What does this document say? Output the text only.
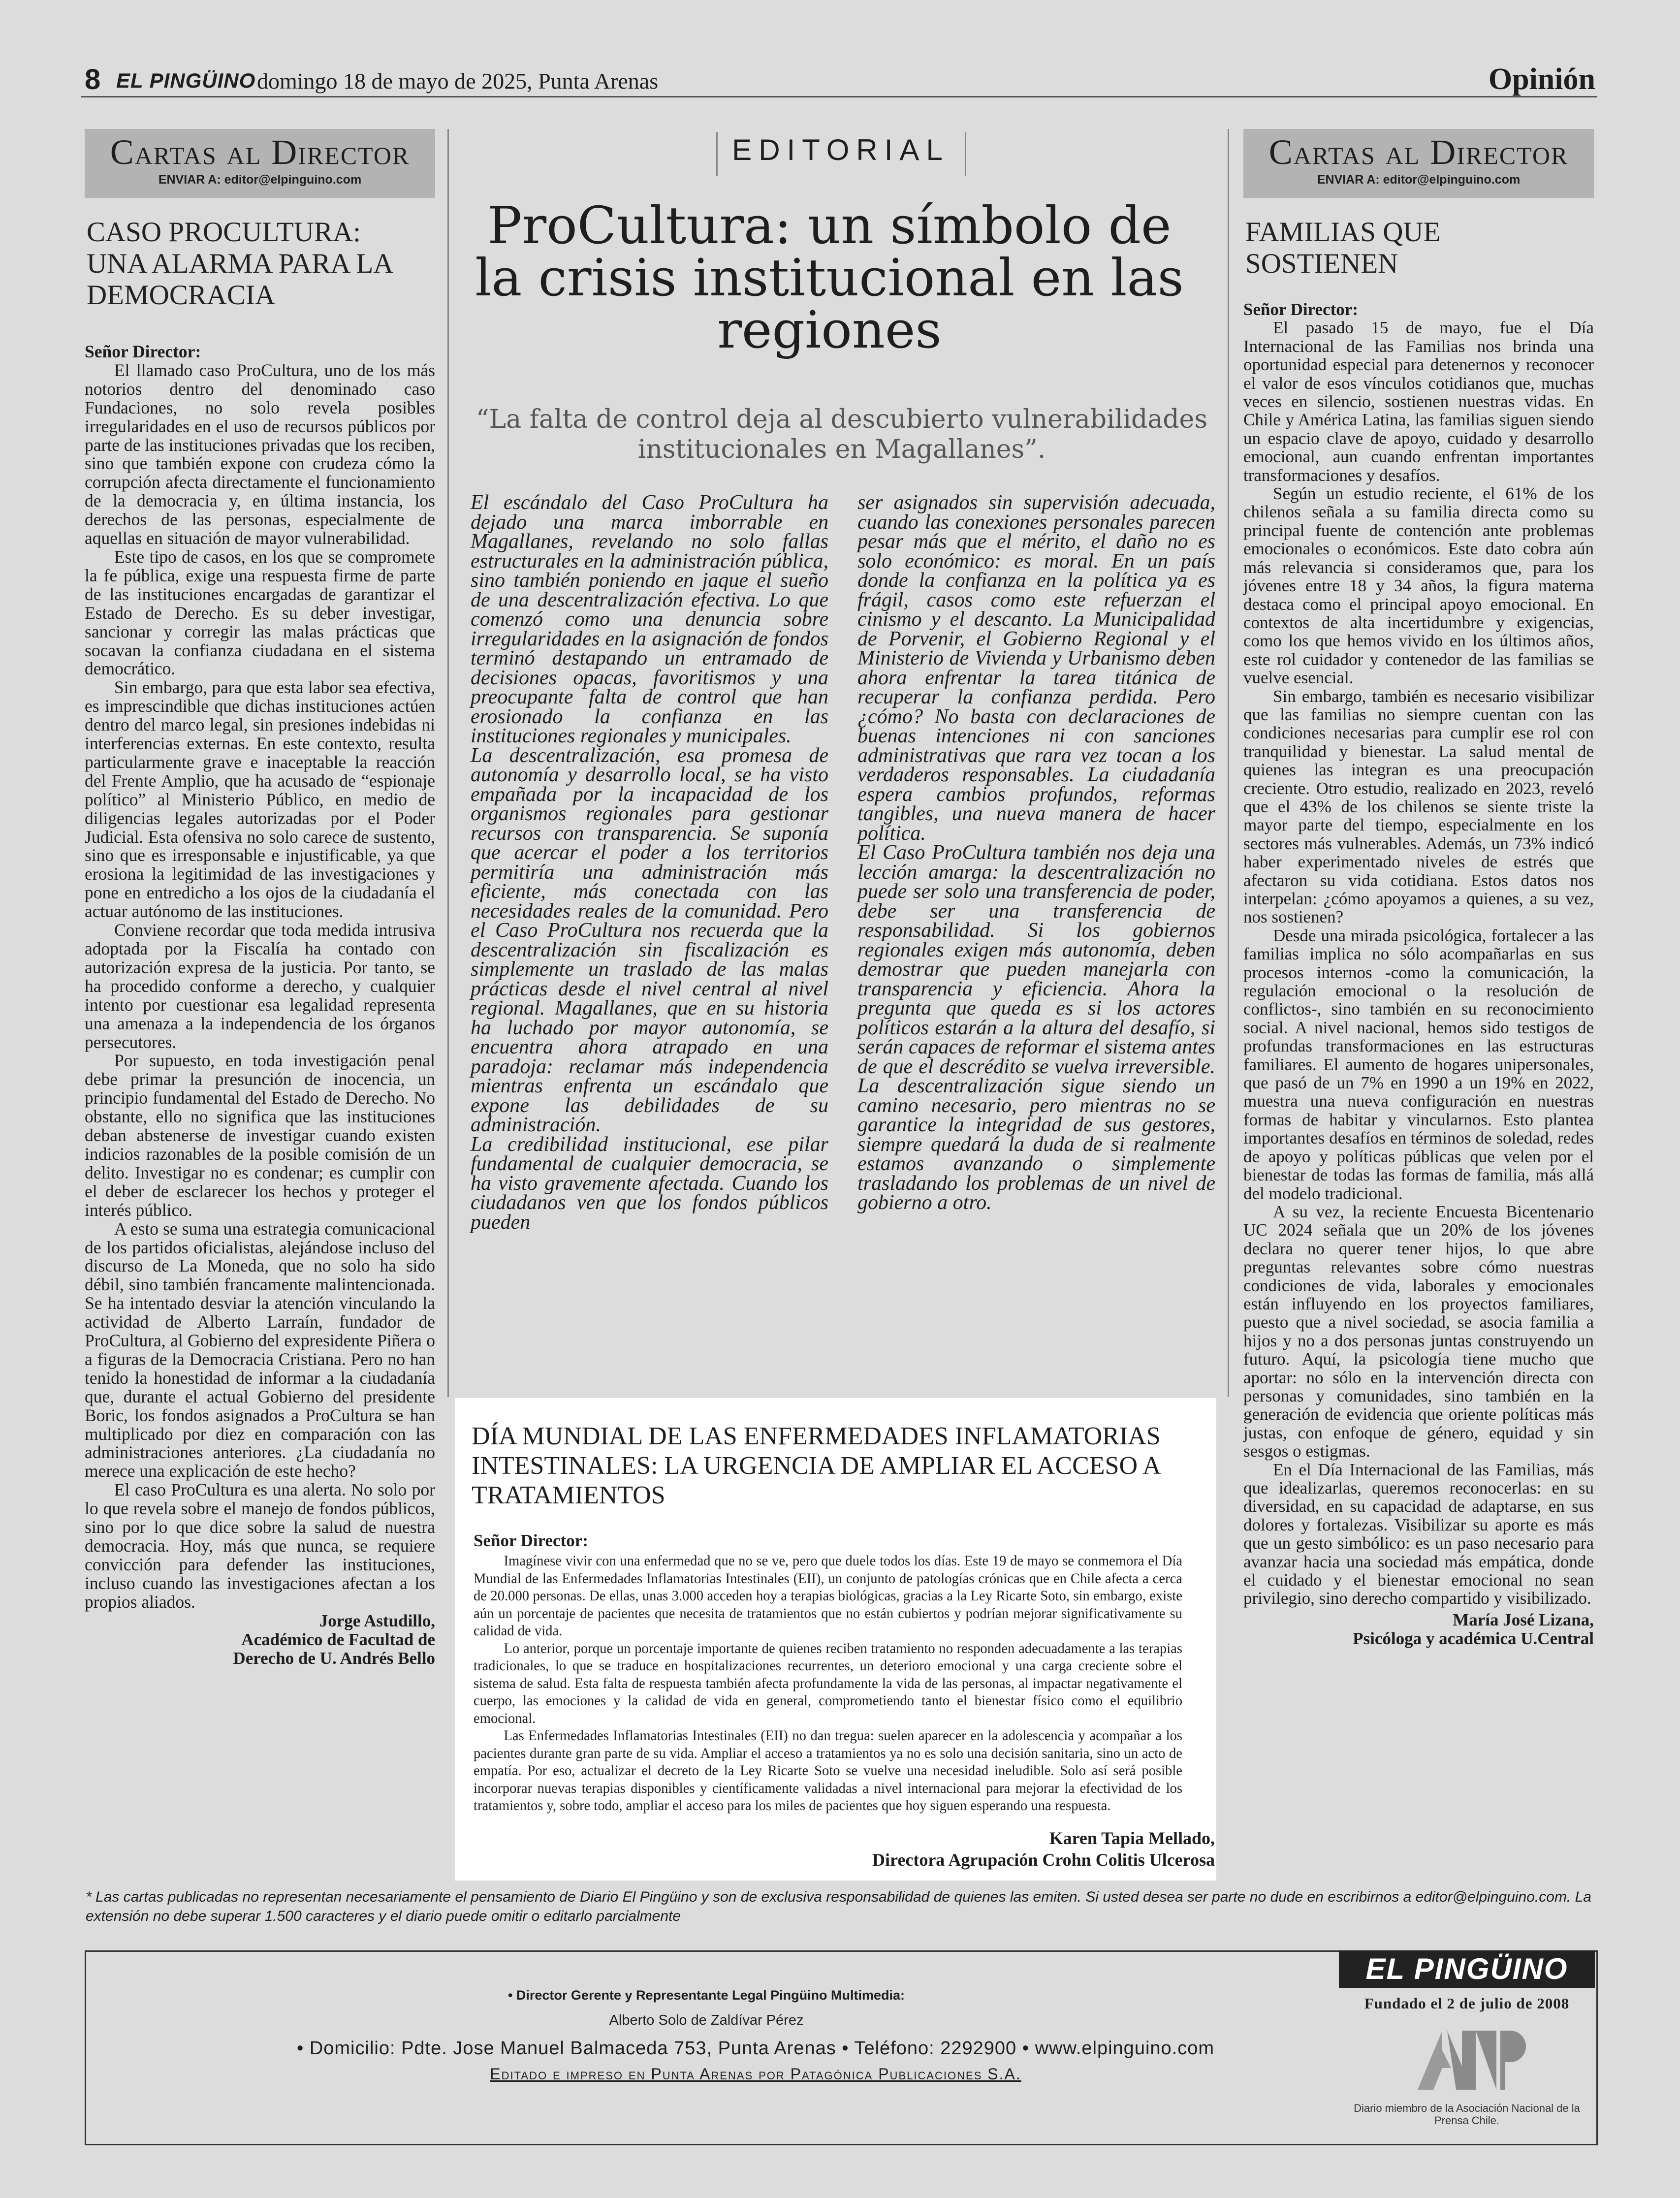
8 EL PINGÜINO domingo 18 de mayo de 2025, Punta Arenas	Opinión
Cartas al Director
ENVIAR A: editor@elpinguino.com
Cartas al Director
ENVIAR A: editor@elpinguino.com
CASO PROCULTURA: UNA ALARMA PARA LA DEMOCRACIA

Señor Director:

El llamado caso ProCultura, uno de los más notorios dentro del denominado caso Fundaciones, no solo revela posibles irregularidades en el uso de recursos públicos por parte de las instituciones privadas que los reciben, sino que también expone con crudeza cómo la corrupción afecta directamente el funcionamiento de la democracia y, en última instancia, los derechos de las personas, especialmente de aquellas en situación de mayor vulnerabilidad.

Este tipo de casos, en los que se compromete la fe pública, exige una respuesta firme de parte de las instituciones encargadas de garantizar el Estado de Derecho. Es su deber investigar, sancionar y corregir las malas prácticas que socavan la confianza ciudadana en el sistema democrático.

Sin embargo, para que esta labor sea efectiva, es imprescindible que dichas instituciones actúen dentro del marco legal, sin presiones indebidas ni interferencias externas. En este contexto, resulta particularmente grave e inaceptable la reacción del Frente Amplio, que ha acusado de “espionaje político” al Ministerio Público, en medio de diligencias legales autorizadas por el Poder Judicial. Esta ofensiva no solo carece de sustento, sino que es irresponsable e injustificable, ya que erosiona la legitimidad de las investigaciones y pone en entredicho a los ojos de la ciudadanía el actuar autónomo de las instituciones.

Conviene recordar que toda medida intrusiva adoptada por la Fiscalía ha contado con autorización expresa de la justicia. Por tanto, se ha procedido conforme a derecho, y cualquier intento por cuestionar esa legalidad representa una amenaza a la independencia de los órganos persecutores.

Por supuesto, en toda investigación penal debe primar la presunción de inocencia, un principio fundamental del Estado de Derecho. No obstante, ello no significa que las instituciones deban abstenerse de investigar cuando existen indicios razonables de la posible comisión de un delito. Investigar no es condenar; es cumplir con el deber de esclarecer los hechos y proteger el interés público.

A esto se suma una estrategia comunicacional de los partidos oficialistas, alejándose incluso del discurso de La Moneda, que no solo ha sido débil, sino también francamente malintencionada. Se ha intentado desviar la atención vinculando la actividad de Alberto Larraín, fundador de ProCultura, al Gobierno del expresidente Piñera o a figuras de la Democracia Cristiana. Pero no han tenido la honestidad de informar a la ciudadanía que, durante el actual Gobierno del presidente Boric, los fondos asignados a ProCultura se han multiplicado por diez en comparación con las administraciones anteriores. ¿La ciudadanía no merece una explicación de este hecho?

El caso ProCultura es una alerta. No solo por lo que revela sobre el manejo de fondos públicos, sino por lo que dice sobre la salud de nuestra democracia. Hoy, más que nunca, se requiere convicción para defender las instituciones, incluso cuando las investigaciones afectan a los propios aliados.

Jorge Astudillo,
Académico de Facultad de
Derecho de U. Andrés Bello
EDITORIAL
ProCultura: un símbolo de la crisis institucional en las regiones
“La falta de control deja al descubierto vulnerabilidades institucionales en Magallanes”.

El escándalo del Caso ProCultura ha dejado una marca imborrable en Magallanes, revelando no solo fallas estructurales en la administración pública, sino también poniendo en jaque el sueño de una descentralización efectiva. Lo que comenzó como una denuncia sobre irregularidades en la asignación de fondos terminó destapando un entramado de decisiones opacas, favoritismos y una preocupante falta de control que han erosionado la confianza en las instituciones regionales y municipales.

La descentralización, esa promesa de autonomía y desarrollo local, se ha visto empañada por la incapacidad de los organismos regionales para gestionar recursos con transparencia. Se suponía que acercar el poder a los territorios permitiría una administración más eficiente, más conectada con las necesidades reales de la comunidad. Pero el Caso ProCultura nos recuerda que la descentralización sin fiscalización es simplemente un traslado de las malas prácticas desde el nivel central al nivel regional. Magallanes, que en su historia ha luchado por mayor autonomía, se encuentra ahora atrapado en una paradoja: reclamar más independencia mientras enfrenta un escándalo que expone las debilidades de su administración.

La credibilidad institucional, ese pilar fundamental de cualquier democracia, se ha visto gravemente afectada. Cuando los ciudadanos ven que los fondos públicos pueden

ser asignados sin supervisión adecuada, cuando las conexiones personales parecen pesar más que el mérito, el daño no es solo económico: es moral. En un país donde la confianza en la política ya es frágil, casos como este refuerzan el cinismo y el descanto. La Municipalidad de Porvenir, el Gobierno Regional y el Ministerio de Vivienda y Urbanismo deben ahora enfrentar la tarea titánica de recuperar la confianza perdida. Pero ¿cómo? No basta con declaraciones de buenas intenciones ni con sanciones administrativas que rara vez tocan a los verdaderos responsables. La ciudadanía espera cambios profundos, reformas tangibles, una nueva manera de hacer política.

El Caso ProCultura también nos deja una lección amarga: la descentralización no puede ser solo una transferencia de poder, debe ser una transferencia de responsabilidad. Si los gobiernos regionales exigen más autonomía, deben demostrar que pueden manejarla con transparencia y eficiencia. Ahora la pregunta que queda es si los actores políticos estarán a la altura del desafío, si serán capaces de reformar el sistema antes de que el descrédito se vuelva irreversible. La descentralización sigue siendo un camino necesario, pero mientras no se garantice la integridad de sus gestores, siempre quedará la duda de si realmente estamos avanzando o simplemente trasladando los problemas de un nivel de gobierno a otro.

DÍA MUNDIAL DE LAS ENFERMEDADES INFLAMATORIAS INTESTINALES: LA URGENCIA DE AMPLIAR EL ACCESO A TRATAMIENTOS
Señor Director:

Imagínese vivir con una enfermedad que no se ve, pero que duele todos los días. Este 19 de mayo se conmemora el Día Mundial de las Enfermedades Inflamatorias Intestinales (EII), un conjunto de patologías crónicas que en Chile afecta a cerca de 20.000 personas. De ellas, unas 3.000 acceden hoy a terapias biológicas, gracias a la Ley Ricarte Soto, sin embargo, existe aún un porcentaje de pacientes que necesita de tratamientos que no están cubiertos y podrían mejorar significativamente su calidad de vida.

Lo anterior, porque un porcentaje importante de quienes reciben tratamiento no responden adecuadamente a las terapias tradicionales, lo que se traduce en hospitalizaciones recurrentes, un deterioro emocional y una carga creciente sobre el sistema de salud. Esta falta de respuesta también afecta profundamente la vida de las personas, al impactar negativamente el cuerpo, las emociones y la calidad de vida en general, comprometiendo tanto el bienestar físico como el equilibrio emocional.

Las Enfermedades Inflamatorias Intestinales (EII) no dan tregua: suelen aparecer en la adolescencia y acompañar a los pacientes durante gran parte de su vida. Ampliar el acceso a tratamientos ya no es solo una decisión sanitaria, sino un acto de empatía. Por eso, actualizar el decreto de la Ley Ricarte Soto se vuelve una necesidad ineludible. Solo así será posible incorporar nuevas terapias disponibles y científicamente validadas a nivel internacional para mejorar la efectividad de los tratamientos y, sobre todo, ampliar el acceso para los miles de pacientes que hoy siguen esperando una respuesta.

Karen Tapia Mellado,
Directora Agrupación Crohn Colitis Ulcerosa
FAMILIAS QUE SOSTIENEN

Señor Director:

El pasado 15 de mayo, fue el Día Internacional de las Familias nos brinda una oportunidad especial para detenernos y reconocer el valor de esos vínculos cotidianos que, muchas veces en silencio, sostienen nuestras vidas. En Chile y América Latina, las familias siguen siendo un espacio clave de apoyo, cuidado y desarrollo emocional, aun cuando enfrentan importantes transformaciones y desafíos.

Según un estudio reciente, el 61% de los chilenos señala a su familia directa como su principal fuente de contención ante problemas emocionales o económicos. Este dato cobra aún más relevancia si consideramos que, para los jóvenes entre 18 y 34 años, la figura materna destaca como el principal apoyo emocional. En contextos de alta incertidumbre y exigencias, como los que hemos vivido en los últimos años, este rol cuidador y contenedor de las familias se vuelve esencial.

Sin embargo, también es necesario visibilizar que las familias no siempre cuentan con las condiciones necesarias para cumplir ese rol con tranquilidad y bienestar. La salud mental de quienes las integran es una preocupación creciente. Otro estudio, realizado en 2023, reveló que el 43% de los chilenos se siente triste la mayor parte del tiempo, especialmente en los sectores más vulnerables. Además, un 73% indicó haber experimentado niveles de estrés que afectaron su vida cotidiana. Estos datos nos interpelan: ¿cómo apoyamos a quienes, a su vez, nos sostienen?

Desde una mirada psicológica, fortalecer a las familias implica no sólo acompañarlas en sus procesos internos -como la comunicación, la regulación emocional o la resolución de conflictos-, sino también en su reconocimiento social. A nivel nacional, hemos sido testigos de profundas transformaciones en las estructuras familiares. El aumento de hogares unipersonales, que pasó de un 7% en 1990 a un 19% en 2022, muestra una nueva configuración en nuestras formas de habitar y vincularnos. Esto plantea importantes desafíos en términos de soledad, redes de apoyo y políticas públicas que velen por el bienestar de todas las formas de familia, más allá del modelo tradicional.

A su vez, la reciente Encuesta Bicentenario UC 2024 señala que un 20% de los jóvenes declara no querer tener hijos, lo que abre preguntas relevantes sobre cómo nuestras condiciones de vida, laborales y emocionales están influyendo en los proyectos familiares, puesto que a nivel sociedad, se asocia familia a hijos y no a dos personas juntas construyendo un futuro. Aquí, la psicología tiene mucho que aportar: no sólo en la intervención directa con personas y comunidades, sino también en la generación de evidencia que oriente políticas más justas, con enfoque de género, equidad y sin sesgos o estigmas.

En el Día Internacional de las Familias, más que idealizarlas, queremos reconocerlas: en su diversidad, en su capacidad de adaptarse, en sus dolores y fortalezas. Visibilizar su aporte es más que un gesto simbólico: es un paso necesario para avanzar hacia una sociedad más empática, donde el cuidado y el bienestar emocional no sean privilegio, sino derecho compartido y visibilizado.

María José Lizana,
Psicóloga y académica U.Central
* Las cartas publicadas no representan necesariamente el pensamiento de Diario El Pingüino y son de exclusiva responsabilidad de quienes las emiten. Si usted desea ser parte no dude en escribirnos a editor@elpinguino.com. La extensión no debe superar 1.500 caracteres y el diario puede omitir o editarlo parcialmente
• Director Gerente y Representante Legal Pingüino Multimedia:
Alberto Solo de Zaldívar Pérez
• Domicilio: Pdte. Jose Manuel Balmaceda 753, Punta Arenas • Teléfono: 2292900 • www.elpinguino.com
Editado e impreso en Punta Arenas por Patagónica Publicaciones S.A.
EL PINGÜINO
Fundado el 2 de julio de 2008
Diario miembro de la Asociación Nacional de la Prensa Chile.
